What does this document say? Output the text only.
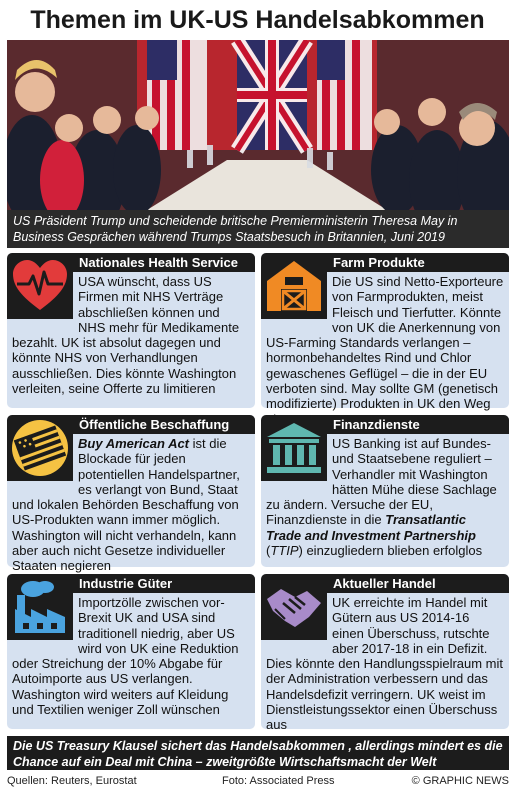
Themen im UK-US Handelsabkommen
US Präsident Trump und scheidende britische Premierministerin Theresa May in Business Gesprächen während Trumps Staatsbesuch in Britannien, Juni 2019
Nationales Health Service
USA wünscht, dass US Firmen mit NHS Verträge abschließen können und NHS mehr für Medikamente bezahlt. UK ist absolut dagegen und könnte NHS von Verhandlungen ausschließen. Dies könnte Washington verleiten, seine Offerte zu limitieren
Farm Produkte
Die US sind Netto-Exporteure von Farmprodukten, meist Fleisch und Tierfutter. Könnte von UK die Anerkennung von US-Farming Standards verlangen – hormonbehandeltes Rind und Chlor gewaschenes Geflügel – die in der EU verboten sind. May sollte GM (genetisch modifizierte) Produkten in UK den Weg
Öffentliche Beschaffung
Buy American Act ist die Blockade für jeden potentiellen Handelspartner, es verlangt von Bund, Staat und lokalen Behörden Beschaffung von US-Produkten wann immer möglich. Washington will nicht verhandeln, kann aber auch nicht Gesetze individueller Staaten negieren
Finanzdienste
US Banking ist auf Bundes- und Staatsebene reguliert – Verhandler mit Washington hätten Mühe diese Sachlage zu ändern. Versuche der EU, Finanzdienste in die Transatlantic Trade and Investment Partnership (TTIP) einzugliedern blieben erfolglos
Industrie Güter
Importzölle zwischen vor-Brexit UK and USA sind traditionell niedrig, aber US wird von UK eine Reduktion oder Streichung der 10% Abgabe für Autoimporte aus US verlangen. Washington wird weiters auf Kleidung und Textilien weniger Zoll wünschen
Aktueller Handel
UK erreichte im Handel mit Gütern aus US 2014-16 einen Überschuss, rutschte aber 2017-18 in ein Defizit. Dies könnte den Handlungsspielraum mit der Administration verbessern und das Handelsdefizit verringern. UK weist im Dienstleistungssektor einen Überschuss aus
Die US Treasury Klausel sichert das Handelsabkommen , allerdings mindert es die Chance auf ein Deal mit China – zweitgrößte Wirtschaftsmacht der Welt
Quellen: Reuters, Eurostat	Foto: Associated Press	© GRAPHIC NEWS
